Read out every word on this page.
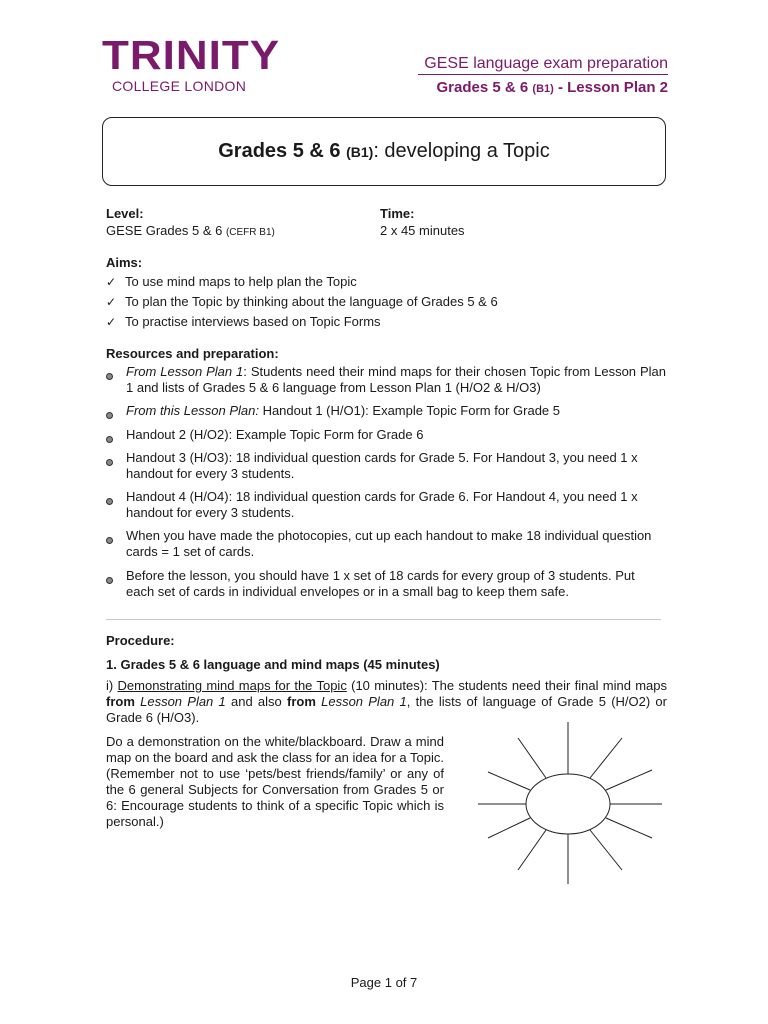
TRINITY
COLLEGE LONDON
GESE language exam preparation
Grades 5 & 6 (B1) - Lesson Plan 2
Grades 5 & 6 (B1): developing a Topic
Level:
GESE Grades 5 & 6 (CEFR B1)
Time:
2 x 45 minutes
Aims:
✓ To use mind maps to help plan the Topic
✓ To plan the Topic by thinking about the language of Grades 5 & 6
✓ To practise interviews based on Topic Forms
Resources and preparation:
From Lesson Plan 1: Students need their mind maps for their chosen Topic from Lesson Plan 1 and lists of Grades 5 & 6 language from Lesson Plan 1 (H/O2 & H/O3)
From this Lesson Plan: Handout 1 (H/O1): Example Topic Form for Grade 5
Handout 2 (H/O2): Example Topic Form for Grade 6
Handout 3 (H/O3): 18 individual question cards for Grade 5. For Handout 3, you need 1 x handout for every 3 students.
Handout 4 (H/O4): 18 individual question cards for Grade 6. For Handout 4, you need 1 x handout for every 3 students.
When you have made the photocopies, cut up each handout to make 18 individual question cards = 1 set of cards.
Before the lesson, you should have 1 x set of 18 cards for every group of 3 students. Put each set of cards in individual envelopes or in a small bag to keep them safe.
Procedure:
1. Grades 5 & 6 language and mind maps (45 minutes)
i) Demonstrating mind maps for the Topic (10 minutes): The students need their final mind maps from Lesson Plan 1 and also from Lesson Plan 1, the lists of language of Grade 5 (H/O2) or Grade 6 (H/O3).
Do a demonstration on the white/blackboard. Draw a mind map on the board and ask the class for an idea for a Topic. (Remember not to use ‘pets/best friends/family’ or any of the 6 general Subjects for Conversation from Grades 5 or 6: Encourage students to think of a specific Topic which is personal.)
Page 1 of 7
